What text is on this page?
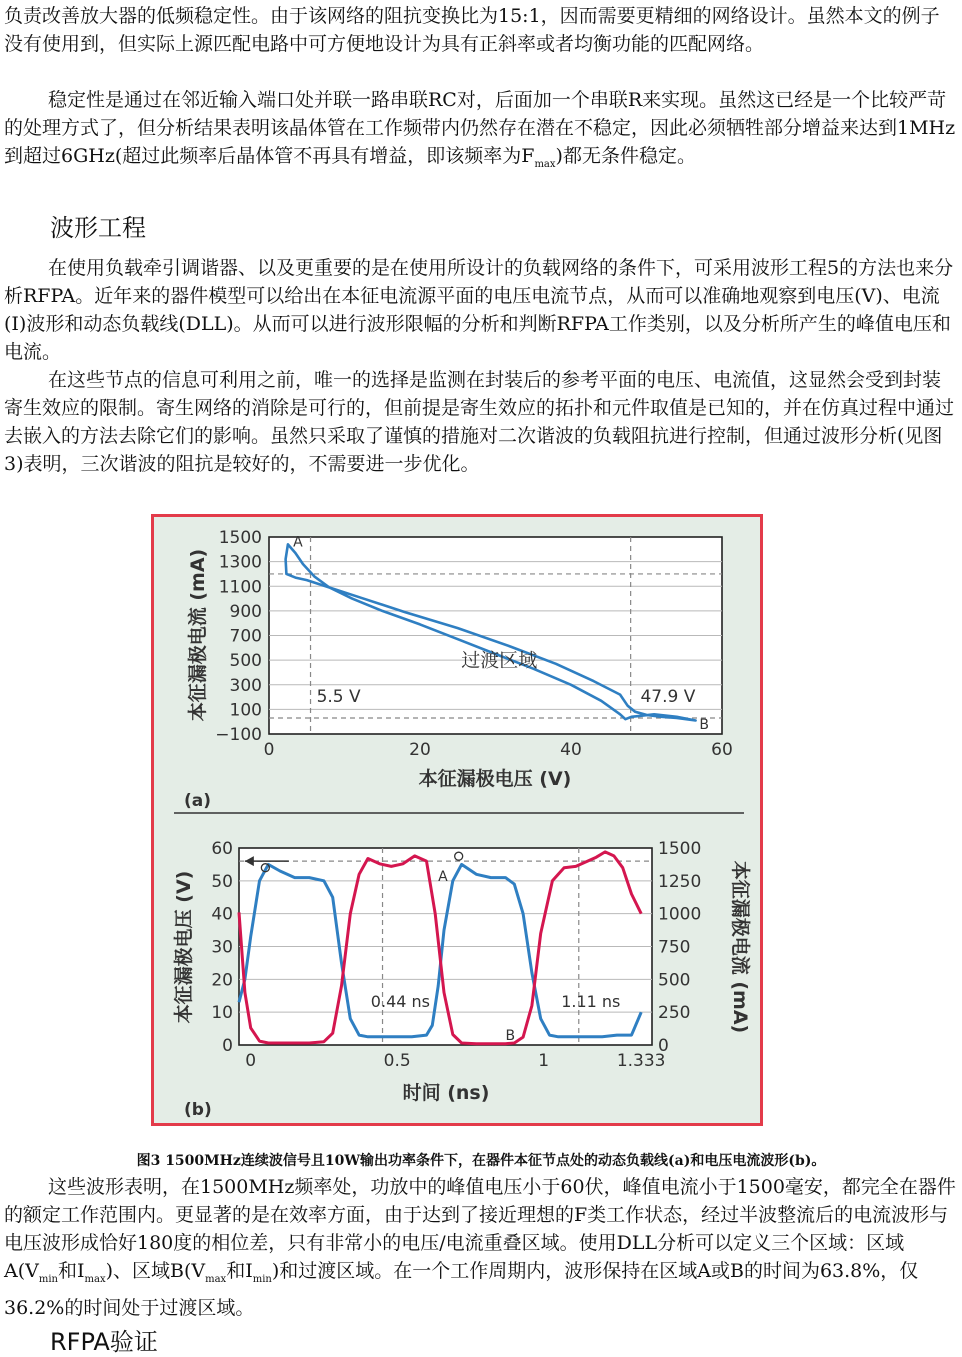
负责改善放大器的低频稳定性。由于该网络的阻抗变换比为15:1，因而需要更精细的网络设计。虽然本文的例子没有使用到，但实际上源匹配电路中可方便地设计为具有正斜率或者均衡功能的匹配网络。

稳定性是通过在邻近输入端口处并联一路串联RC对，后面加一个串联R来实现。虽然这已经是一个比较严苛的处理方式了，但分析结果表明该晶体管在工作频带内仍然存在潜在不稳定，因此必须牺牲部分增益来达到1MHz到超过6GHz(超过此频率后晶体管不再具有增益，即该频率为$F_{max}$)都无条件稳定。

波形工程

在使用负载牵引调谐器、以及更重要的是在使用所设计的负载网络的条件下，可采用波形工程5的方法也来分析RFPA。近年来的器件模型可以给出在本征电流源平面的电压电流节点，从而可以准确地观察到电压(V)、电流(I)波形和动态负载线(DLL)。从而可以进行波形限幅的分析和判断RFPA工作类别，以及分析所产生的峰值电压和电流。

在这些节点的信息可利用之前，唯一的选择是监测在封装后的参考平面的电压、电流值，这显然会受到封装寄生效应的限制。寄生网络的消除是可行的，但前提是寄生效应的拓扑和元件取值是已知的，并在仿真过程中通过去嵌入的方法去除它们的影响。虽然只采取了谨慎的措施对二次谐波的负载阻抗进行控制，但通过波形分析(见图3)表明，三次谐波的阻抗是较好的，不需要进一步优化。

1500
1300
1100
900
700
500
300
100
−100
0	20	40	60
A
B
过渡区域
5.5 V	47.9 V
本征漏极电压 (V)
本征漏极电流 (mA)
(a)
0
10
20
30
40
50
60
0
250
500
750
1000
1250
1500
0	0.5	1	1.333
A
B
0.44 ns	1.11 ns
时间 (ns)
本征漏极电压 (V)	本征漏极电流 (mA)
(b)
图3 1500MHz连续波信号且10W输出功率条件下，在器件本征节点处的动态负载线(a)和电压电流波形(b)。

这些波形表明，在1500MHz频率处，功放中的峰值电压小于60伏，峰值电流小于1500毫安，都完全在器件的额定工作范围内。更显著的是在效率方面，由于达到了接近理想的F类工作状态，经过半波整流后的电流波形与电压波形成恰好180度的相位差，只有非常小的电压/电流重叠区域。使用DLL分析可以定义三个区域：区域$A(V_{min}$和$I_{max}$)、区域$B(V_{max}$和$I_{min}$)和过渡区域。在一个工作周期内，波形保持在区域A或B的时间为63.8%，仅36.2%的时间处于过渡区域。

RFPA验证
